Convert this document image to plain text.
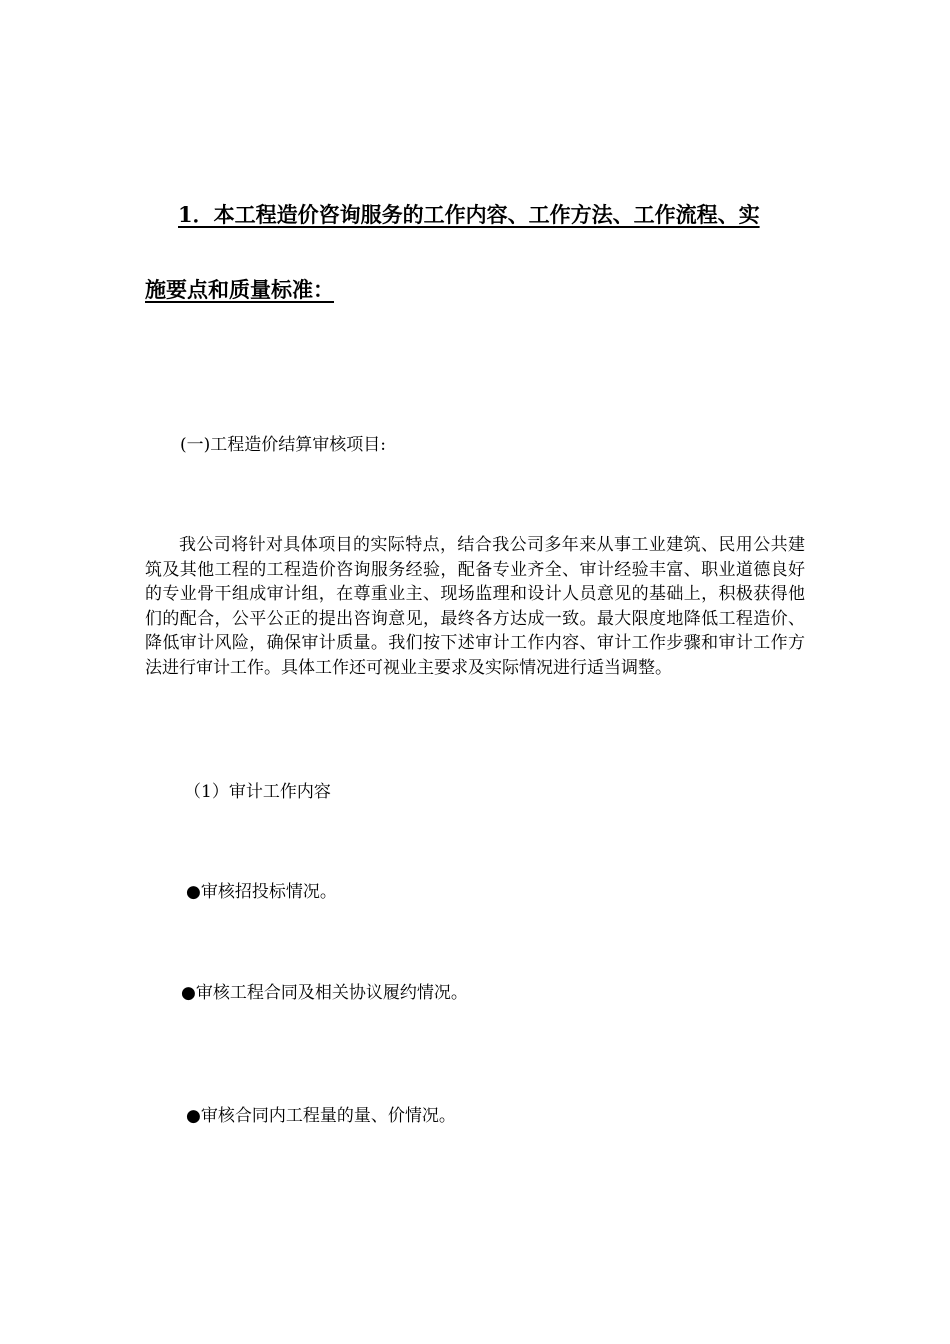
1．本工程造价咨询服务的工作内容、工作方法、工作流程、实
施要点和质量标准：
(一)工程造价结算审核项目:

我公司将针对具体项目的实际特点，结合我公司多年来从事工业建筑、民用公共建筑及其他工程的工程造价咨询服务经验，配备专业齐全、审计经验丰富、职业道德良好的专业骨干组成审计组，在尊重业主、现场监理和设计人员意见的基础上，积极获得他们的配合，公平公正的提出咨询意见，最终各方达成一致。最大限度地降低工程造价、降低审计风险，确保审计质量。我们按下述审计工作内容、审计工作步骤和审计工作方法进行审计工作。具体工作还可视业主要求及实际情况进行适当调整。

（1）审计工作内容
●审核招投标情况。
●审核工程合同及相关协议履约情况。
●审核合同内工程量的量、价情况。
